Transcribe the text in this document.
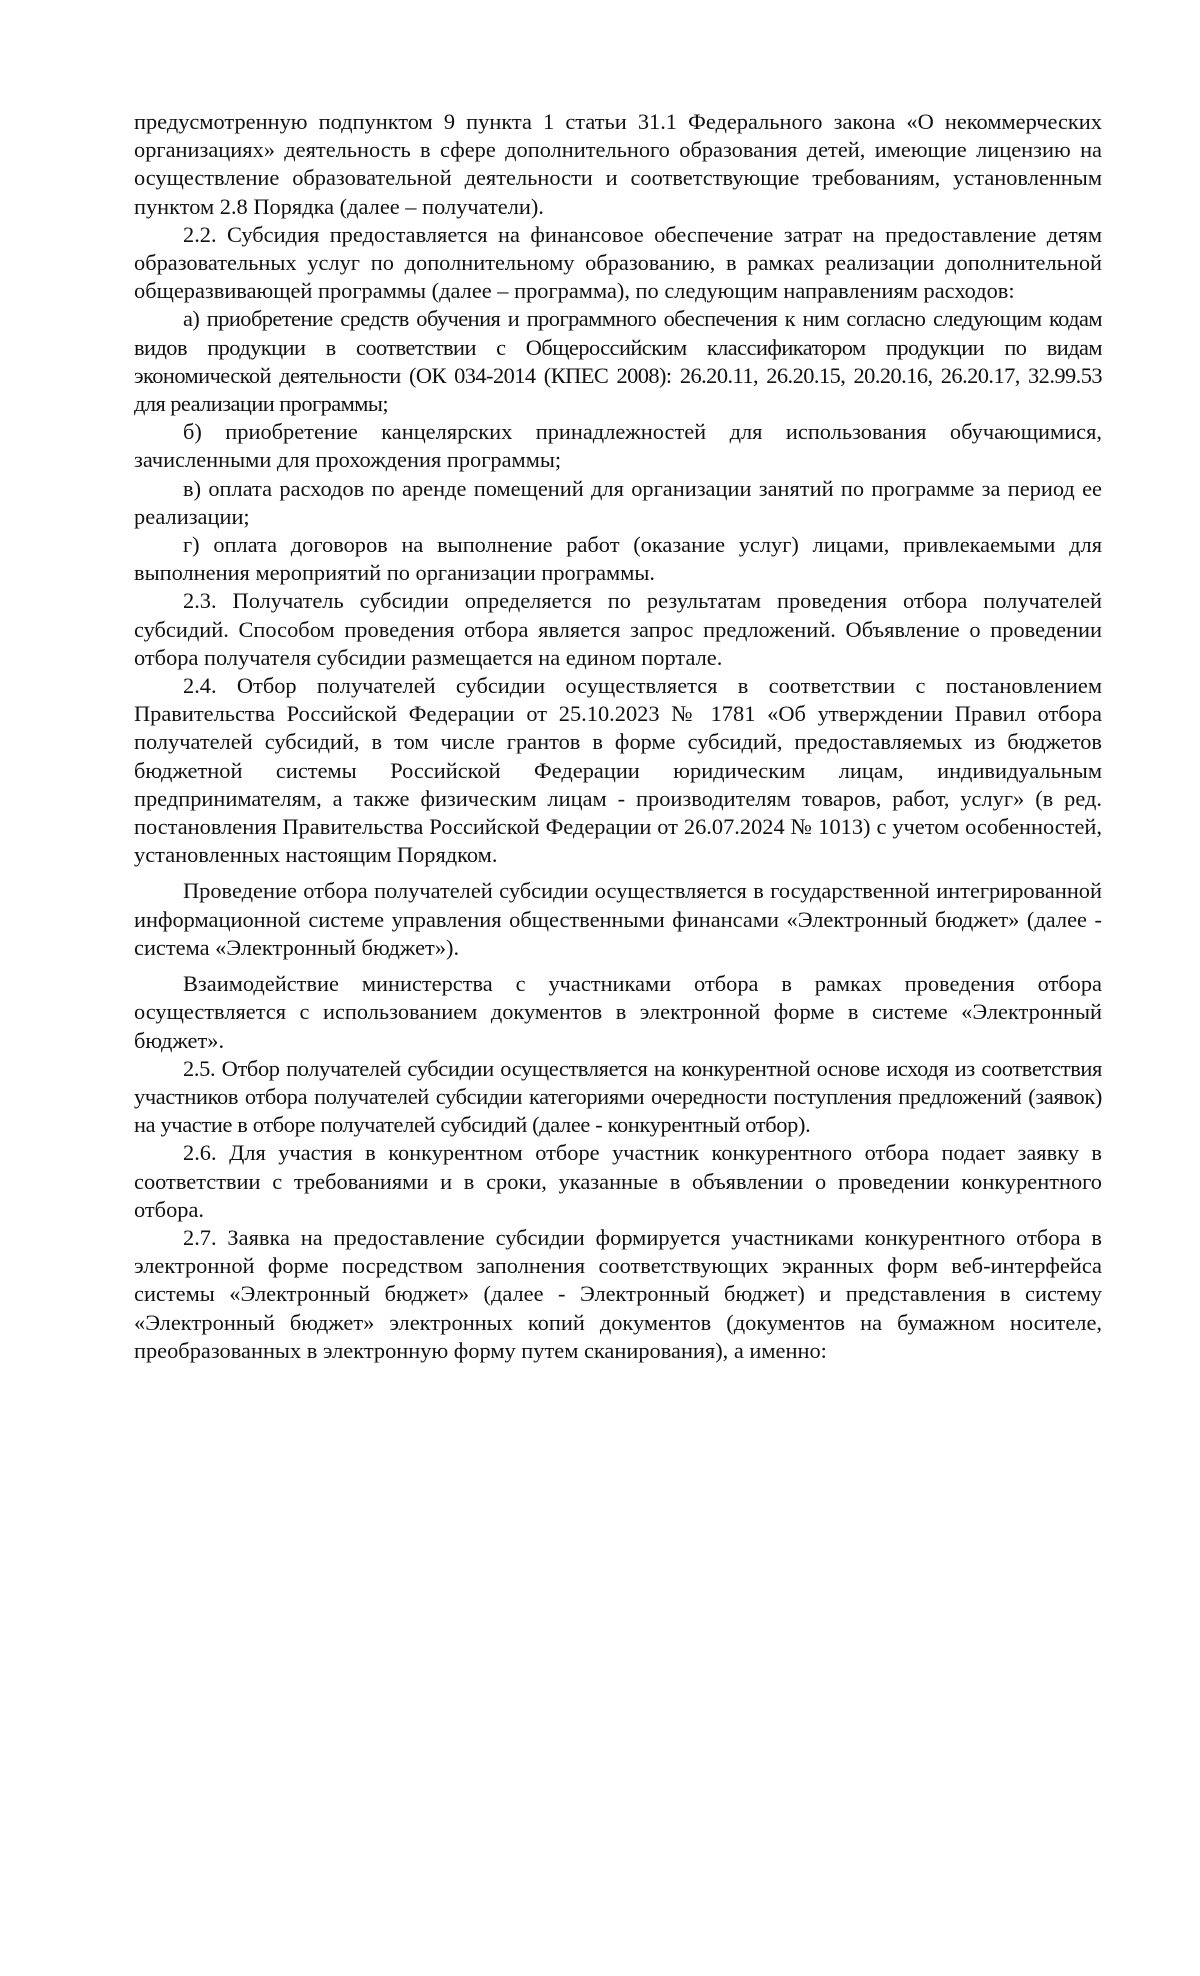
предусмотренную подпунктом 9 пункта 1 статьи 31.1 Федерального закона «О некоммерческих организациях» деятельность в сфере дополнительного образования детей, имеющие лицензию на осуществление образовательной деятельности и соответствующие требованиям, установленным пунктом 2.8 Порядка (далее – получатели).

2.2. Субсидия предоставляется на финансовое обеспечение затрат на предоставление детям образовательных услуг по дополнительному образованию, в рамках реализации дополнительной общеразвивающей программы (далее – программа), по следующим направлениям расходов:

а) приобретение средств обучения и программного обеспечения к ним согласно следующим кодам видов продукции в соответствии с Общероссийским классификатором продукции по видам экономической деятельности (ОК 034-2014 (КПЕС 2008): 26.20.11, 26.20.15, 20.20.16, 26.20.17, 32.99.53 для реализации программы;

б) приобретение канцелярских принадлежностей для использования обучающимися, зачисленными для прохождения программы;

в) оплата расходов по аренде помещений для организации занятий по программе за период ее реализации;

г) оплата договоров на выполнение работ (оказание услуг) лицами, привлекаемыми для выполнения мероприятий по организации программы.

2.3. Получатель субсидии определяется по результатам проведения отбора получателей субсидий. Способом проведения отбора является запрос предложений. Объявление о проведении отбора получателя субсидии размещается на едином портале.

2.4. Отбор получателей субсидии осуществляется в соответствии с постановлением Правительства Российской Федерации от 25.10.2023 № 1781 «Об утверждении Правил отбора получателей субсидий, в том числе грантов в форме субсидий, предоставляемых из бюджетов бюджетной системы Российской Федерации юридическим лицам, индивидуальным предпринимателям, а также физическим лицам - производителям товаров, работ, услуг» (в ред. постановления Правительства Российской Федерации от 26.07.2024 № 1013) с учетом особенностей, установленных настоящим Порядком.

Проведение отбора получателей субсидии осуществляется в государственной интегрированной информационной системе управления общественными финансами «Электронный бюджет» (далее - система «Электронный бюджет»).

Взаимодействие министерства с участниками отбора в рамках проведения отбора осуществляется с использованием документов в электронной форме в системе «Электронный бюджет».

2.5. Отбор получателей субсидии осуществляется на конкурентной основе исходя из соответствия участников отбора получателей субсидии категориями очередности поступления предложений (заявок) на участие в отборе получателей субсидий (далее - конкурентный отбор).

2.6. Для участия в конкурентном отборе участник конкурентного отбора подает заявку в соответствии с требованиями и в сроки, указанные в объявлении о проведении конкурентного отбора.

2.7. Заявка на предоставление субсидии формируется участниками конкурентного отбора в электронной форме посредством заполнения соответствующих экранных форм веб-интерфейса системы «Электронный бюджет» (далее - Электронный бюджет) и представления в систему «Электронный бюджет» электронных копий документов (документов на бумажном носителе, преобразованных в электронную форму путем сканирования), а именно:
